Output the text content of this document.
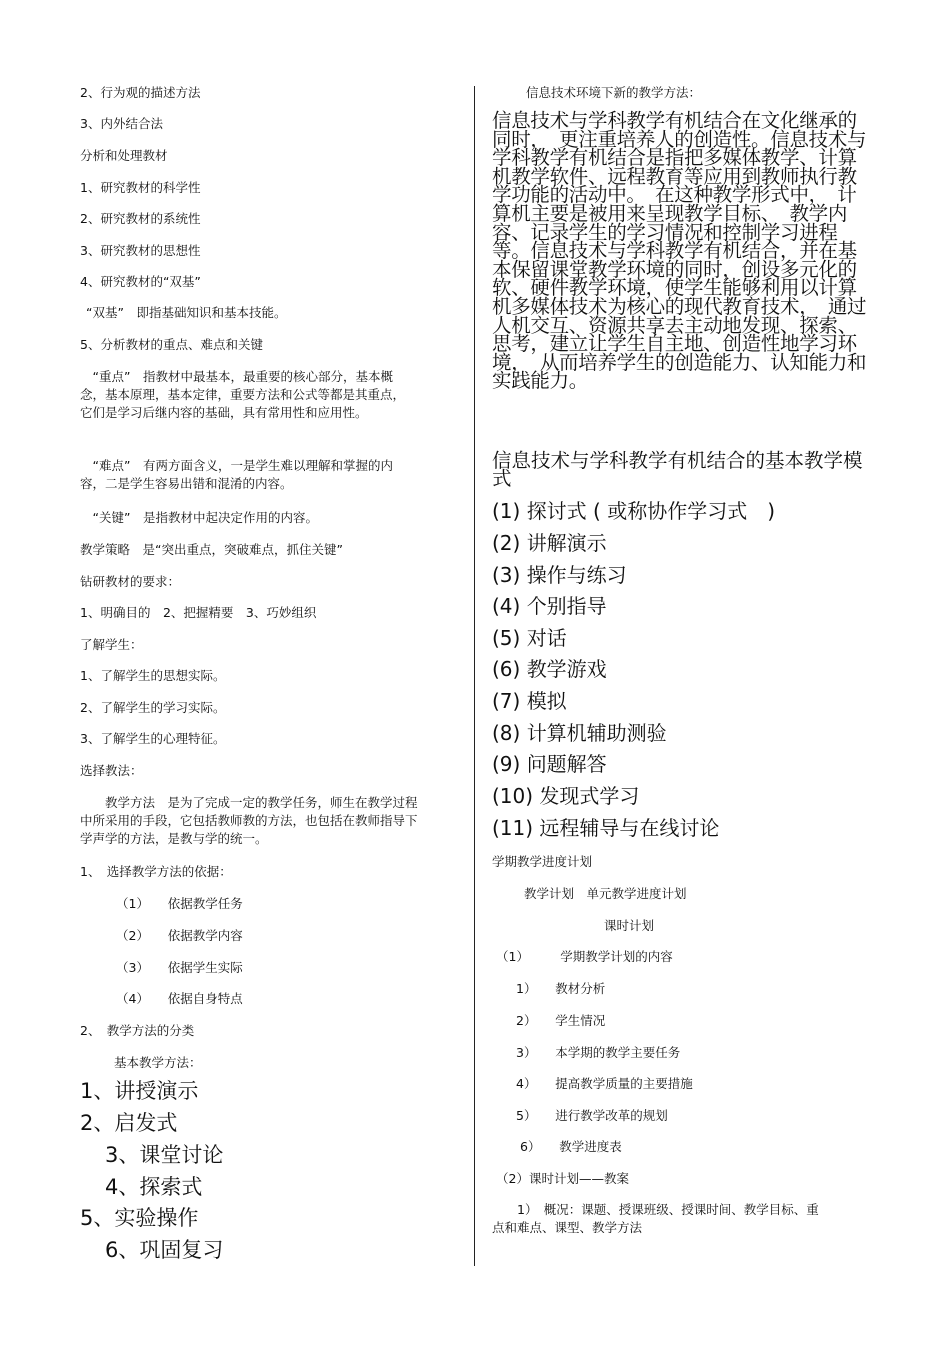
2、行为观的描述方法
3、内外结合法
分析和处理教材
1、研究教材的科学性
2、研究教材的系统性
3、研究教材的思想性
4、研究教材的“双基”
“双基”　即指基础知识和基本技能。
5、分析教材的重点、难点和关键
　“重点”　指教材中最基本，最重要的核心部分，基本概念，基本原理，基本定律，重要方法和公式等都是其重点，它们是学习后继内容的基础，具有常用性和应用性。
　“难点”　有两方面含义，一是学生难以理解和掌握的内容，二是学生容易出错和混淆的内容。
　“关键”　是指教材中起决定作用的内容。
教学策略　是“突出重点，突破难点，抓住关键”
钻研教材的要求：
1、明确目的　2、把握精要　3、巧妙组织
了解学生：
1、了解学生的思想实际。
2、了解学生的学习实际。
3、了解学生的心理特征。
选择教法：
　　教学方法　是为了完成一定的教学任务，师生在教学过程中所采用的手段，它包括教师教的方法，也包括在教师指导下学声学的方法，是教与学的统一。
1、　选择教学方法的依据：
（1）　　依据教学任务
（2）　　依据教学内容
（3）　　依据学生实际
（4）　　依据自身特点
2、　教学方法的分类
基本教学方法：
1、讲授演示
2、启发式
3、课堂讨论
4、探索式
5、实验操作
6、巩固复习
信息技术环境下新的教学方法：
信息技术与学科教学有机结合在文化继承的同时，　更注重培养人的创造性。信息技术与学科教学有机结合是指把多媒体教学、计算机教学软件、远程教育等应用到教师执行教学功能的活动中。　在这种教学形式中，　计算机主要是被用来呈现教学目标、　教学内容、记录学生的学习情况和控制学习进程等。信息技术与学科教学有机结合，并在基本保留课堂教学环境的同时，创设多元化的软、硬件教学环境，使学生能够利用以计算机多媒体技术为核心的现代教育技术，　通过人机交互、资源共享去主动地发现、探索、思考，建立让学生自主地、创造性地学习环境，　从而培养学生的创造能力、认知能力和实践能力。
信息技术与学科教学有机结合的基本教学模式
(1) 探讨式 ( 或称协作学习式　)
(2) 讲解演示
(3) 操作与练习
(4) 个别指导
(5) 对话
(6) 教学游戏
(7) 模拟
(8) 计算机辅助测验
(9) 问题解答
(10) 发现式学习
(11) 远程辅导与在线讨论
学期教学进度计划
教学计划　单元教学进度计划
课时计划
（1）　　　学期教学计划的内容
1）　　教材分析
2）　　学生情况
3）　　本学期的教学主要任务
4）　　提高教学质量的主要措施
5）　　进行教学改革的规划
6）　　教学进度表
（2）课时计划——教案
　　1）　概况：课题、授课班级、授课时间、教学目标、重点和难点、课型、教学方法
